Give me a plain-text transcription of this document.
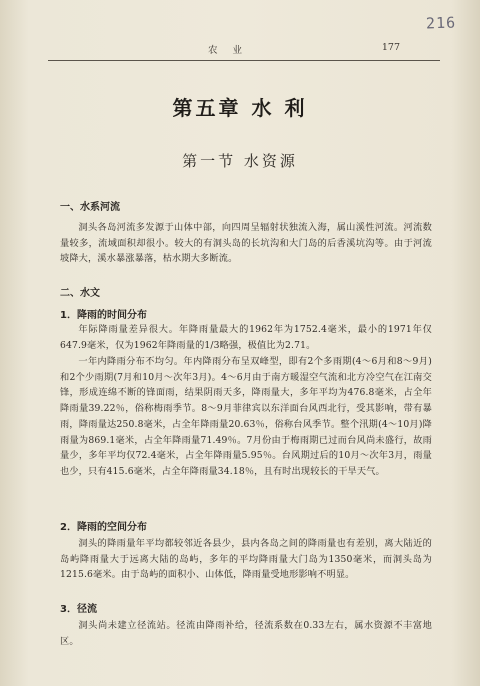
216
农 业	177
第五章 水 利
第一节 水资源
一、水系河流
洞头各岛河流多发源于山体中部，向四周呈辐射状独流入海，属山溪性河流。河流数量较多，流域面积却很小。较大的有洞头岛的长坑沟和大门岛的后香溪坑沟等。由于河流坡降大，溪水暴涨暴落，枯水期大多断流。
二、水文
1．降雨的时间分布
年际降雨量差异很大。年降雨量最大的1962年为1752.4毫米，最小的1971年仅647.9毫米，仅为1962年降雨量的1/3略强，极值比为2.71。
一年内降雨分布不均匀。年内降雨分布呈双峰型，即有2个多雨期(4～6月和8～9月)和2个少雨期(7月和10月～次年3月)。4～6月由于南方暖湿空气流和北方冷空气在江南交锋，形成连绵不断的锋面雨，结果阴雨天多，降雨量大，多年平均为476.8毫米，占全年降雨量39.22％，俗称梅雨季节。8～9月菲律宾以东洋面台风西北行，受其影响，带有暴雨，降雨量达250.8毫米，占全年降雨量20.63％，俗称台风季节。整个汛期(4～10月)降雨量为869.1毫米，占全年降雨量71.49％。7月份由于梅雨期已过而台风尚未盛行，故雨量少，多年平均仅72.4毫米，占全年降雨量5.95％。台风期过后的10月～次年3月，雨量也少，只有415.6毫米，占全年降雨量34.18％，且有时出现较长的干旱天气。
2．降雨的空间分布
洞头的降雨量年平均都较邻近各县少，县内各岛之间的降雨量也有差别，离大陆近的岛屿降雨量大于远离大陆的岛屿，多年的平均降雨量大门岛为1350毫米，而洞头岛为1215.6毫米。由于岛屿的面积小、山体低，降雨量受地形影响不明显。
3．径流
洞头尚未建立径流站。径流由降雨补给，径流系数在0.33左右，属水资源不丰富地区。
